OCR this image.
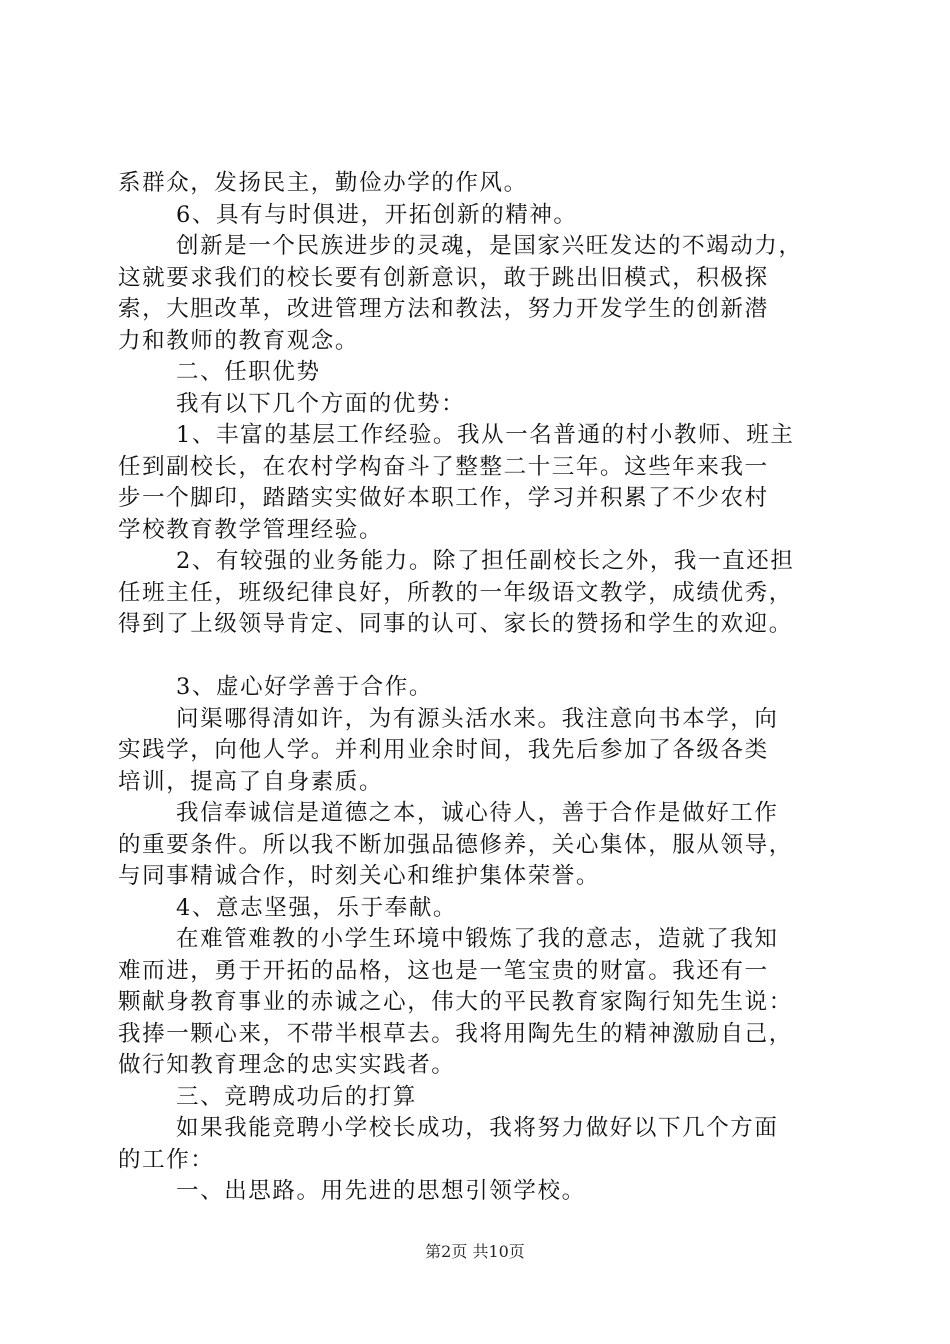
系群众，发扬民主，勤俭办学的作风。
6、具有与时俱进，开拓创新的精神。
创新是一个民族进步的灵魂，是国家兴旺发达的不竭动力，
这就要求我们的校长要有创新意识，敢于跳出旧模式，积极探
索，大胆改革，改进管理方法和教法，努力开发学生的创新潜
力和教师的教育观念。
二、任职优势
我有以下几个方面的优势：
1、丰富的基层工作经验。我从一名普通的村小教师、班主
任到副校长，在农村学构奋斗了整整二十三年。这些年来我一
步一个脚印，踏踏实实做好本职工作，学习并积累了不少农村
学校教育教学管理经验。
2、有较强的业务能力。除了担任副校长之外，我一直还担
任班主任，班级纪律良好，所教的一年级语文教学，成绩优秀，
得到了上级领导肯定、同事的认可、家长的赞扬和学生的欢迎。
3、虚心好学善于合作。
问渠哪得清如许，为有源头活水来。我注意向书本学，向
实践学，向他人学。并利用业余时间，我先后参加了各级各类
培训，提高了自身素质。
我信奉诚信是道德之本，诚心待人，善于合作是做好工作
的重要条件。所以我不断加强品德修养，关心集体，服从领导，
与同事精诚合作，时刻关心和维护集体荣誉。
4、意志坚强，乐于奉献。
在难管难教的小学生环境中锻炼了我的意志，造就了我知
难而进，勇于开拓的品格，这也是一笔宝贵的财富。我还有一
颗献身教育事业的赤诚之心，伟大的平民教育家陶行知先生说：
我捧一颗心来，不带半根草去。我将用陶先生的精神激励自己，
做行知教育理念的忠实实践者。
三、竞聘成功后的打算
如果我能竞聘小学校长成功，我将努力做好以下几个方面
的工作：
一、出思路。用先进的思想引领学校。
第2页 共10页
